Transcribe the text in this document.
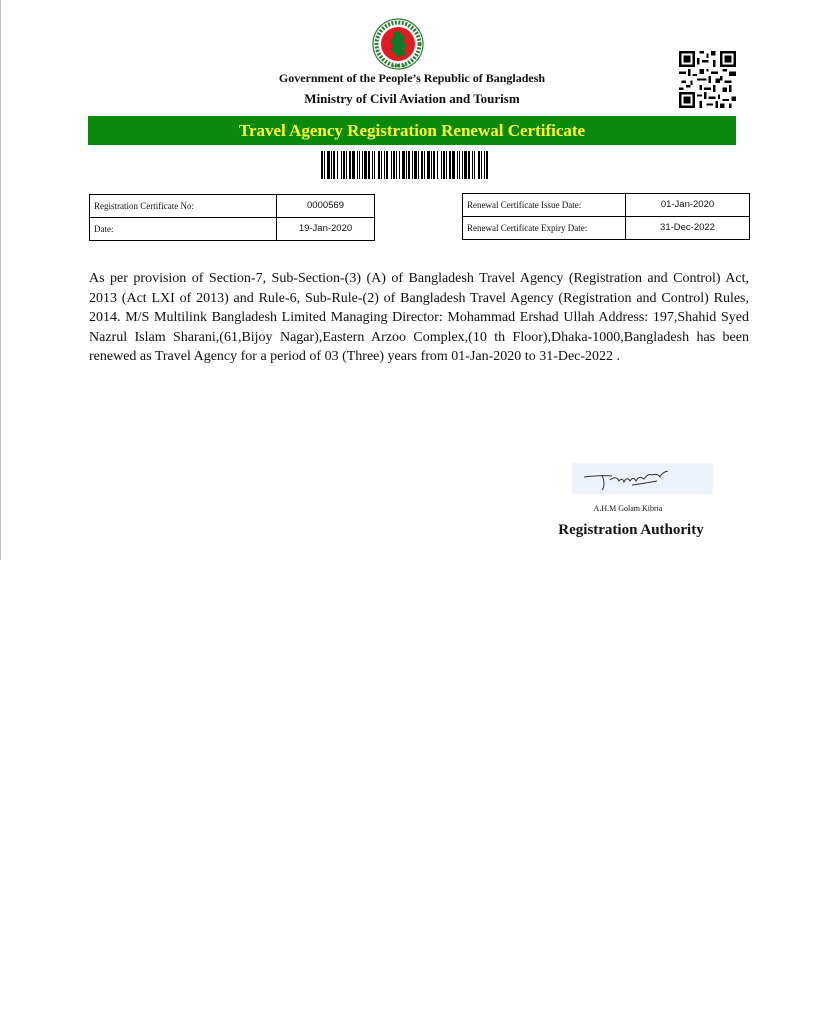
◆ ◆ ◆
Government of the People’s Republic of Bangladesh
Ministry of Civil Aviation and Tourism
Travel Agency Registration Renewal Certificate
Registration Certificate No:	0000569
Date:	19-Jan-2020
Renewal Certificate Issue Date:	01-Jan-2020
Renewal Certificate Expiry Date:	31-Dec-2022

As per provision of Section-7, Sub-Section-(3) (A) of Bangladesh Travel Agency (Registration and Control) Act, 2013 (Act LXI of 2013) and Rule-6, Sub-Rule-(2) of Bangladesh Travel Agency (Registration and Control) Rules, 2014. M/S Multilink Bangladesh Limited Managing Director: Mohammad Ershad Ullah Address: 197,Shahid Syed Nazrul Islam Sharani,(61,Bijoy Nagar),Eastern Arzoo Complex,(10 th Floor),Dhaka-1000,Bangladesh has been renewed as Travel Agency for a period of 03 (Three) years from 01-Jan-2020 to 31-Dec-2022 .

A.H.M Golam Kibria
Registration Authority
